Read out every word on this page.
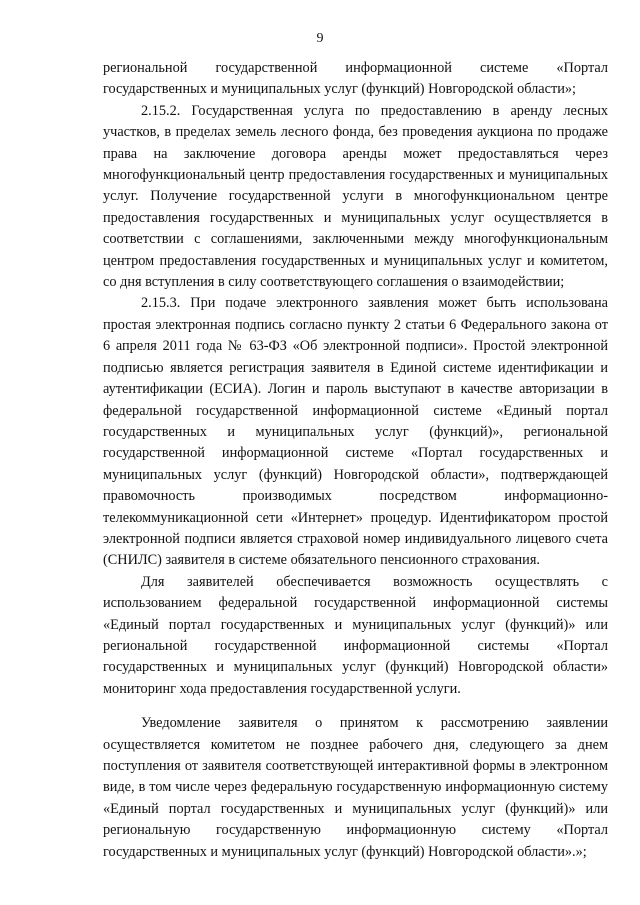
9

региональной государственной информационной системе «Портал государственных и муниципальных услуг (функций) Новгородской области»;

2.15.2. Государственная услуга по предоставлению в аренду лесных участков, в пределах земель лесного фонда, без проведения аукциона по продаже права на заключение договора аренды может предоставляться через многофункциональный центр предоставления государственных и муниципальных услуг. Получение государственной услуги в многофункциональном центре предоставления государственных и муниципальных услуг осуществляется в соответствии с соглашениями, заключенными между многофункциональным центром предоставления государственных и муниципальных услуг и комитетом, со дня вступления в силу соответствующего соглашения о взаимодействии;

2.15.3. При подаче электронного заявления может быть использована простая электронная подпись согласно пункту 2 статьи 6 Федерального закона от 6 апреля 2011 года № 63-ФЗ «Об электронной подписи». Простой электронной подписью является регистрация заявителя в Единой системе идентификации и аутентификации (ЕСИА). Логин и пароль выступают в качестве авторизации в федеральной государственной информационной системе «Единый портал государственных и муниципальных услуг (функций)», региональной государственной информационной системе «Портал государственных и муниципальных услуг (функций) Новгородской области», подтверждающей правомочность производимых посредством информационно-телекоммуникационной сети «Интернет» процедур. Идентификатором простой электронной подписи является страховой номер индивидуального лицевого счета (СНИЛС) заявителя в системе обязательного пенсионного страхования.

Для заявителей обеспечивается возможность осуществлять с использованием федеральной государственной информационной системы «Единый портал государственных и муниципальных услуг (функций)» или региональной государственной информационной системы «Портал государственных и муниципальных услуг (функций) Новгородской области» мониторинг хода предоставления государственной услуги.

Уведомление заявителя о принятом к рассмотрению заявлении осуществляется комитетом не позднее рабочего дня, следующего за днем поступления от заявителя соответствующей интерактивной формы в электронном виде, в том числе через федеральную государственную информационную систему «Единый портал государственных и муниципальных услуг (функций)» или региональную государственную информационную систему «Портал государственных и муниципальных услуг (функций) Новгородской области».»;
